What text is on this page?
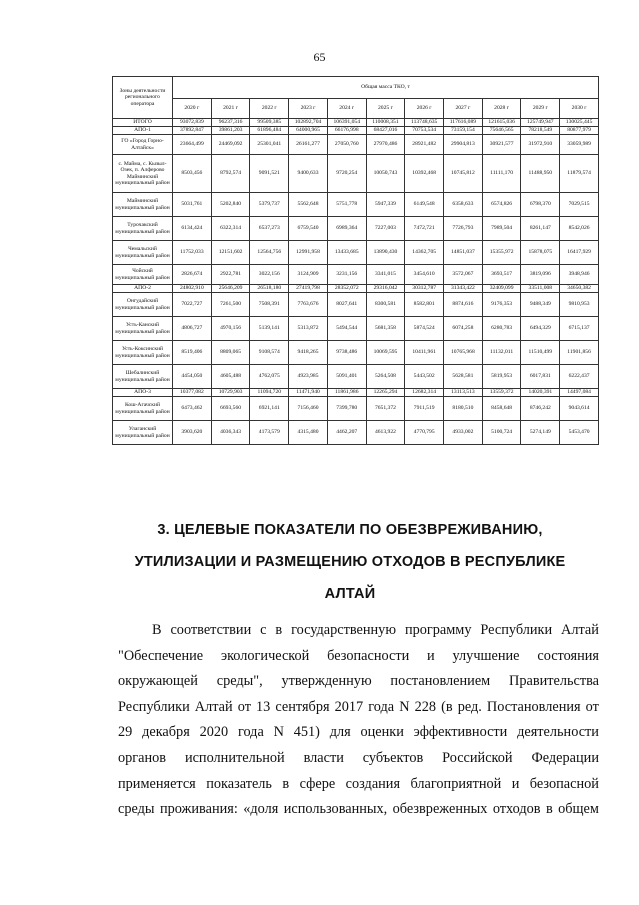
65
Зоны деятельности регионального оператора	Общая масса ТКО, т										
	2020 г	2021 г	2022 г	2023 г	2024 г	2025 г	2026 г	2027 г	2028 г	2029 г	2030 г
ИТОГО	93072,839	96237,316	99509,385	102892,704	106391,054	110008,351	113748,635	117616,089	121615,036	125749,947	130025,445
АПО-1	37892,847	39861,203	61896,484	64000,965	66176,998	68427,016	70753,534	73159,154	75646,565	78218,549	80877,979
ГО «Город Горно-Алтайск»	23664,499	24469,092	25301,041	26161,277	27050,760	27970,486	28921,482	29904,813	30921,577	31972,910	33059,989
с. Майма, с. Кызыл-Озек, п. Алферово Майминский муниципальный район	8503,456	8792,574	9091,521	9400,633	9720,254	10050,743	10392,468	10745,812	11111,170	11488,950	11879,574
Майминский муниципальный район	5031,761	5202,840	5379,737	5562,648	5751,778	5947,339	6149,548	6358,633	6574,826	6798,370	7029,515
Турочакский муниципальный район	6134,424	6322,314	6537,273	6759,540	6989,364	7227,003	7472,721	7726,793	7989,504	8261,147	8542,026
Чемальский муниципальный район	11752,033	12151,602	12564,756	12991,958	13433,685	13890,430	14362,705	14851,037	15355,972	15878,075	16417,929
Чойский муниципальный район	2826,674	2922,781	3022,156	3124,909	3231,156	3341,015	3454,610	3572,067	3693,517	3819,096	3948,946
АПО-2	24802,910	25646,209	26518,180	27419,798	28352,072	29316,042	30312,787	31343,422	32409,099	33511,008	34650,382
Онгудайский муниципальный район	7022,727	7261,500	7508,391	7763,676	8027,641	8300,581	8582,801	8874,616	9176,353	9488,349	9810,953
Усть-Канский муниципальный район	4806,727	4970,156	5139,141	5313,872	5494,544	5681,358	5874,524	6074,258	6280,783	6494,329	6715,137
Усть-Коксинский муниципальный район	8519,406	8809,065	9108,574	9418,265	9738,486	10069,595	10411,961	10765,968	11132,011	11510,499	11901,856
Шебалинский муниципальный район	4454,050	4605,488	4762,075	4923,985	5091,401	5264,508	5443,502	5628,581	5819,953	6017,831	6222,437
АПО-3	10377,082	10729,903	11094,720	11471,940	11861,986	12265,294	12682,314	13113,513	13559,372	14020,391	14497,084
Кош-Агачский муниципальный район	6473,462	6693,560	6921,141	7156,460	7399,780	7651,372	7911,519	8180,510	8458,648	8746,242	9043,614
Улаганский муниципальный район	3903,620	4036,343	4173,579	4315,480	4462,207	4613,922	4770,795	4933,002	5100,724	5274,149	5453,470
3. ЦЕЛЕВЫЕ ПОКАЗАТЕЛИ ПО ОБЕЗВРЕЖИВАНИЮ,
УТИЛИЗАЦИИ И РАЗМЕЩЕНИЮ ОТХОДОВ В РЕСПУБЛИКЕ
АЛТАЙ
В соответствии с в государственную программу Республики Алтай
"Обеспечение экологической безопасности и улучшение состояния
окружающей среды", утвержденную постановлением Правительства
Республики Алтай от 13 сентября 2017 года N 228 (в ред. Постановления от
29 декабря 2020 года N 451) для оценки эффективности деятельности
органов исполнительной власти субъектов Российской Федерации
применяется показатель в сфере создания благоприятной и безопасной
среды проживания: «доля использованных, обезвреженных отходов в общем
